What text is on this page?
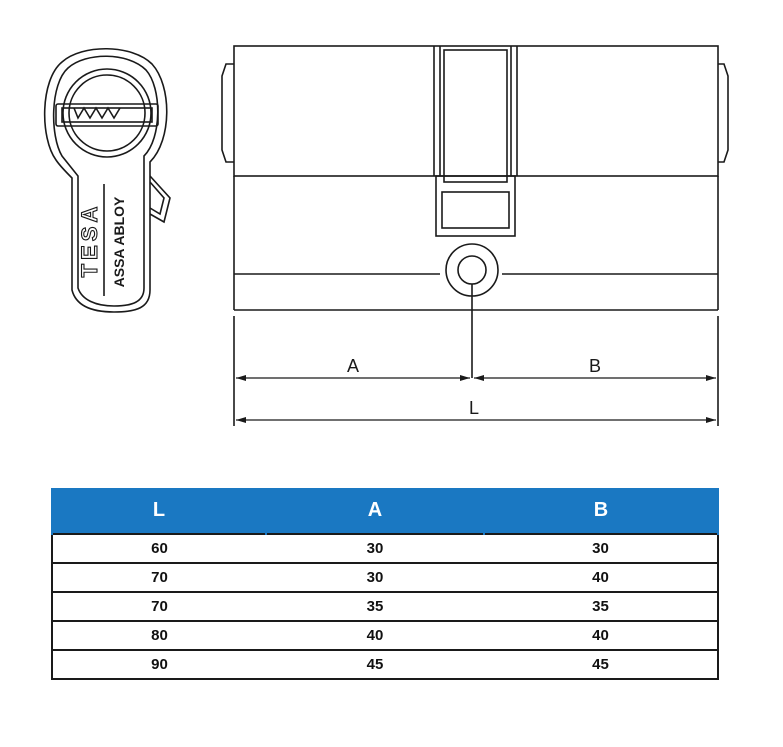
TESA ASSA ABLOY
A	B
L
L	A	B
60	30	30
70	30	40
70	35	35
80	40	40
90	45	45
